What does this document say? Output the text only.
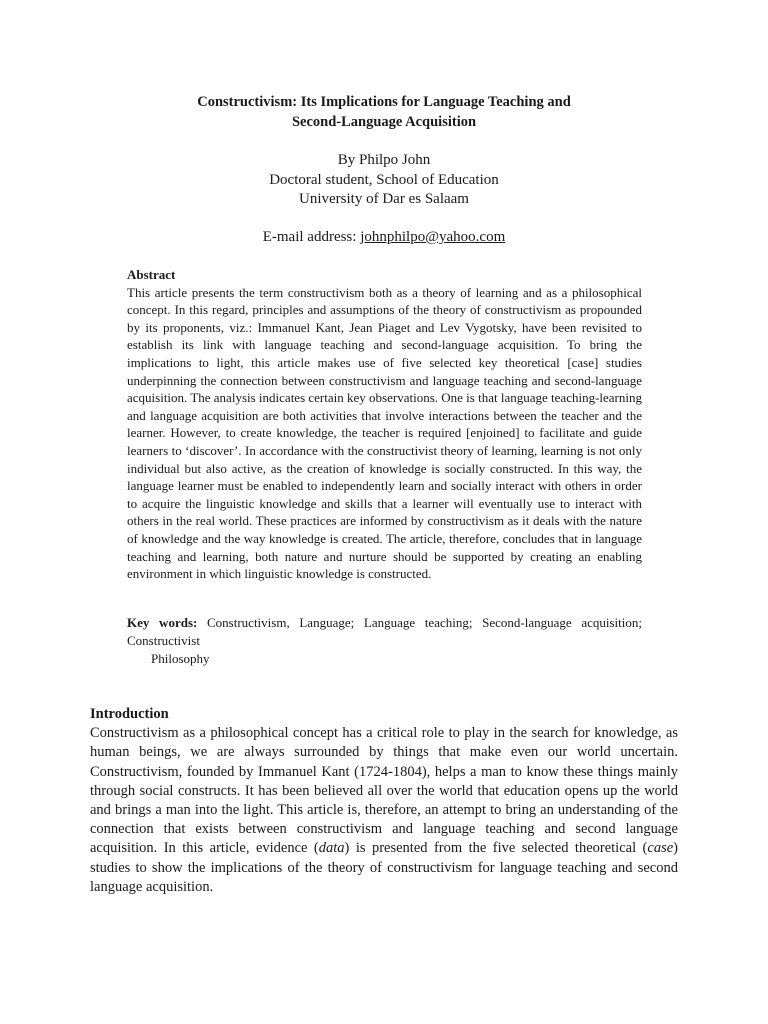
Constructivism: Its Implications for Language Teaching and
Second-Language Acquisition
By Philpo John
Doctoral student, School of Education
University of Dar es Salaam
E-mail address: johnphilpo@yahoo.com
Abstract

This article presents the term constructivism both as a theory of learning and as a philosophical concept. In this regard, principles and assumptions of the theory of constructivism as propounded by its proponents, viz.: Immanuel Kant, Jean Piaget and Lev Vygotsky, have been revisited to establish its link with language teaching and second-language acquisition. To bring the implications to light, this article makes use of five selected key theoretical [case] studies underpinning the connection between constructivism and language teaching and second-language acquisition. The analysis indicates certain key observations. One is that language teaching-learning and language acquisition are both activities that involve interactions between the teacher and the learner. However, to create knowledge, the teacher is required [enjoined] to facilitate and guide learners to ‘discover’. In accordance with the constructivist theory of learning, learning is not only individual but also active, as the creation of knowledge is socially constructed. In this way, the language learner must be enabled to independently learn and socially interact with others in order to acquire the linguistic knowledge and skills that a learner will eventually use to interact with others in the real world. These practices are informed by constructivism as it deals with the nature of knowledge and the way knowledge is created. The article, therefore, concludes that in language teaching and learning, both nature and nurture should be supported by creating an enabling environment in which linguistic knowledge is constructed.

Key words: Constructivism, Language; Language teaching; Second-language acquisition; Constructivist
Philosophy
Introduction

Constructivism as a philosophical concept has a critical role to play in the search for knowledge, as human beings, we are always surrounded by things that make even our world uncertain. Constructivism, founded by Immanuel Kant (1724-1804), helps a man to know these things mainly through social constructs. It has been believed all over the world that education opens up the world and brings a man into the light. This article is, therefore, an attempt to bring an understanding of the connection that exists between constructivism and language teaching and second language acquisition. In this article, evidence (data) is presented from the five selected theoretical (case) studies to show the implications of the theory of constructivism for language teaching and second language acquisition.
